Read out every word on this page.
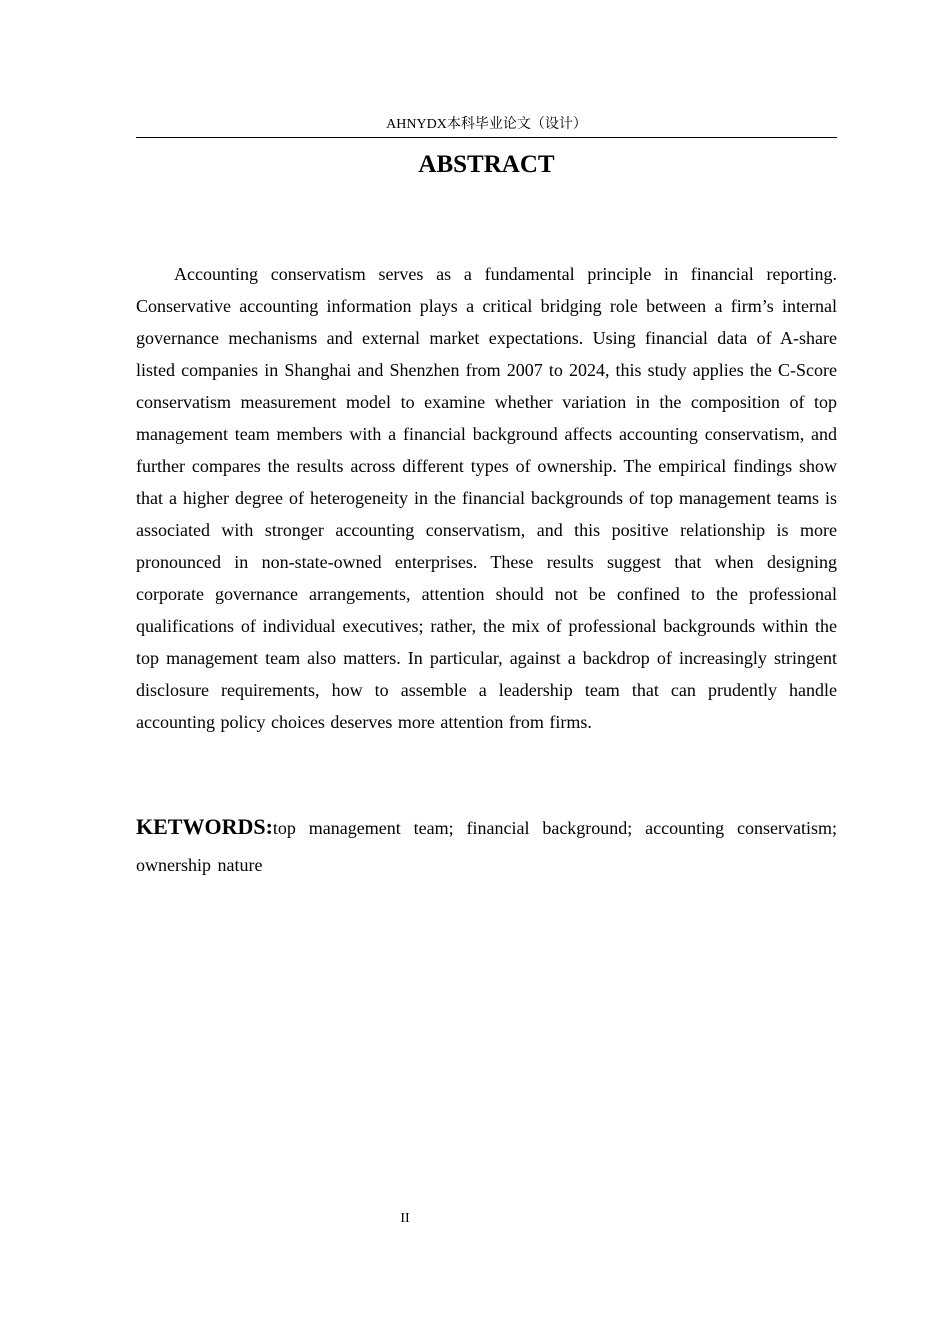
AHNYDX本科毕业论文（设计）
ABSTRACT

Accounting conservatism serves as a fundamental principle in financial reporting. Conservative accounting information plays a critical bridging role between a firm’s internal governance mechanisms and external market expectations. Using financial data of A-share listed companies in Shanghai and Shenzhen from 2007 to 2024, this study applies the C-Score conservatism measurement model to examine whether variation in the composition of top management team members with a financial background affects accounting conservatism, and further compares the results across different types of ownership. The empirical findings show that a higher degree of heterogeneity in the financial backgrounds of top management teams is associated with stronger accounting conservatism, and this positive relationship is more pronounced in non-state-owned enterprises. These results suggest that when designing corporate governance arrangements, attention should not be confined to the professional qualifications of individual executives; rather, the mix of professional backgrounds within the top management team also matters. In particular, against a backdrop of increasingly stringent disclosure requirements, how to assemble a leadership team that can prudently handle accounting policy choices deserves more attention from firms.

KETWORDS:top management team; financial background; accounting conservatism; ownership nature

II
